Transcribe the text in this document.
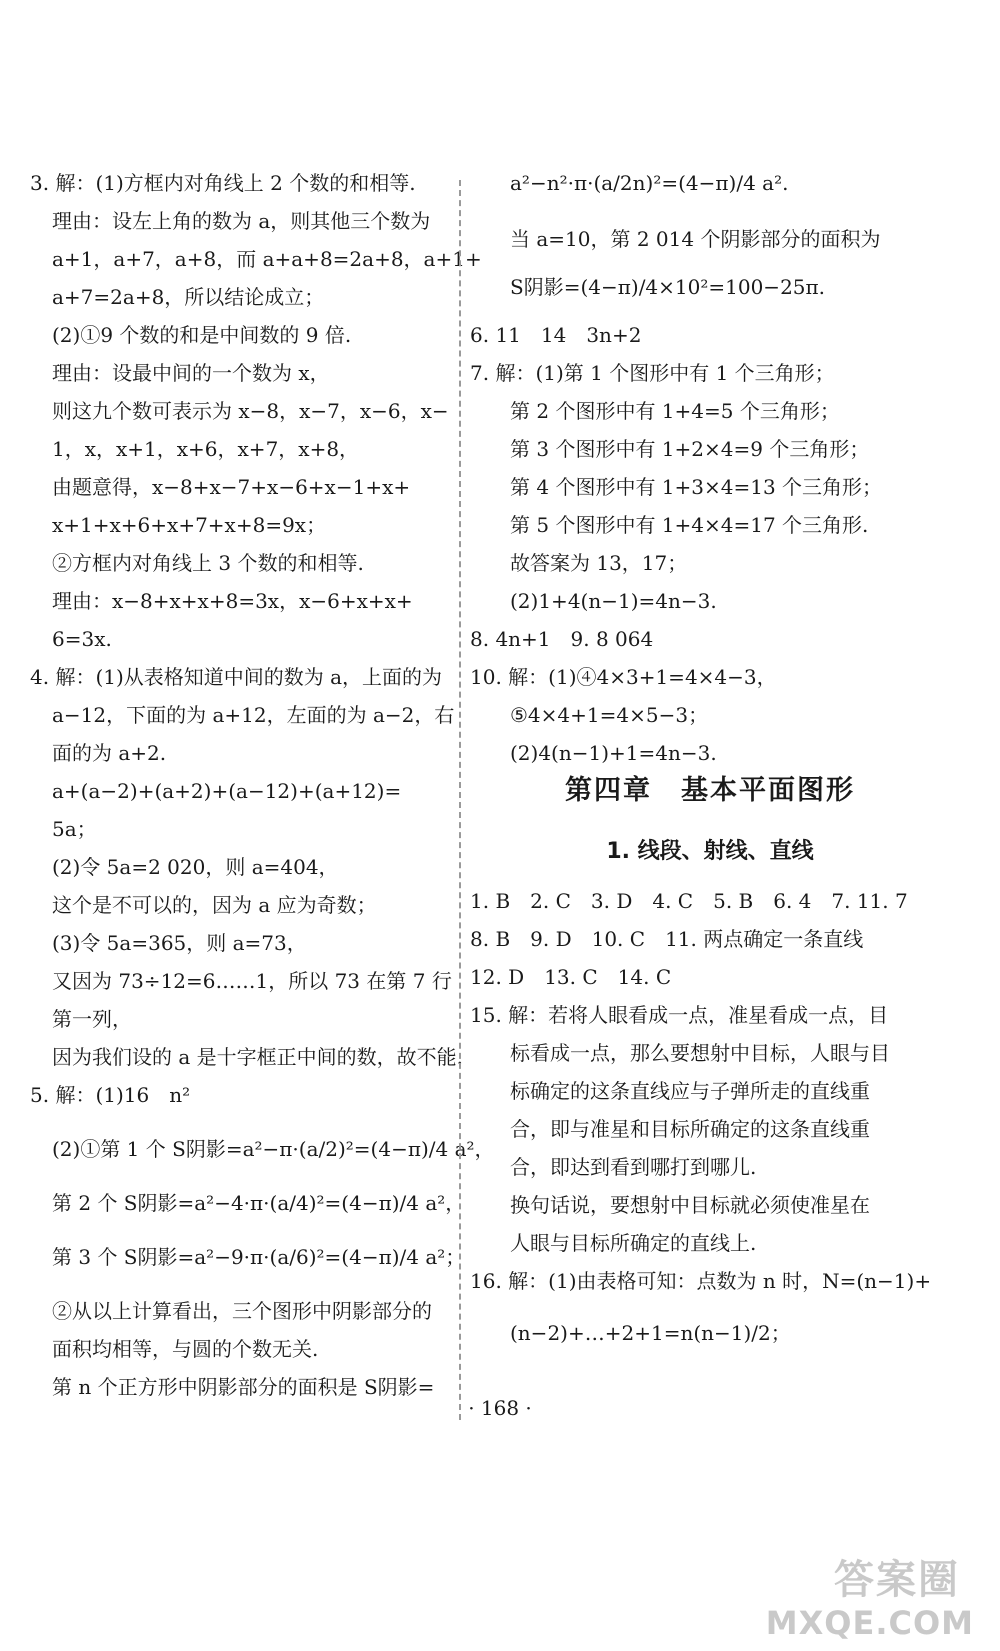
3. 解：(1)方框内对角线上 2 个数的和相等.
理由：设左上角的数为 a，则其他三个数为
a+1，a+7，a+8，而 a+a+8=2a+8，a+1+
a+7=2a+8，所以结论成立；
(2)①9 个数的和是中间数的 9 倍.
理由：设最中间的一个数为 x，
则这九个数可表示为 x−8，x−7，x−6，x−
1，x，x+1，x+6，x+7，x+8，
由题意得，x−8+x−7+x−6+x−1+x+
x+1+x+6+x+7+x+8=9x；
②方框内对角线上 3 个数的和相等.
理由：x−8+x+x+8=3x，x−6+x+x+
6=3x.
4. 解：(1)从表格知道中间的数为 a，上面的为
a−12，下面的为 a+12，左面的为 a−2，右
面的为 a+2.
a+(a−2)+(a+2)+(a−12)+(a+12)=
5a；
(2)令 5a=2 020，则 a=404，
这个是不可以的，因为 a 应为奇数；
(3)令 5a=365，则 a=73，
又因为 73÷12=6……1，所以 73 在第 7 行
第一列，
因为我们设的 a 是十字框正中间的数，故不能.
5. 解：(1)16　n²
(2)①第 1 个 S阴影=a²−π·(a/2)²=(4−π)/4 a²，
第 2 个 S阴影=a²−4·π·(a/4)²=(4−π)/4 a²，
第 3 个 S阴影=a²−9·π·(a/6)²=(4−π)/4 a²；
②从以上计算看出，三个图形中阴影部分的
面积均相等，与圆的个数无关.
第 n 个正方形中阴影部分的面积是 S阴影=
a²−n²·π·(a/2n)²=(4−π)/4 a².
当 a=10，第 2 014 个阴影部分的面积为
S阴影=(4−π)/4×10²=100−25π.
6. 11　14　3n+2
7. 解：(1)第 1 个图形中有 1 个三角形；
第 2 个图形中有 1+4=5 个三角形；
第 3 个图形中有 1+2×4=9 个三角形；
第 4 个图形中有 1+3×4=13 个三角形；
第 5 个图形中有 1+4×4=17 个三角形.
故答案为 13，17；
(2)1+4(n−1)=4n−3.
8. 4n+1　9. 8 064
10. 解：(1)④4×3+1=4×4−3，
⑤4×4+1=4×5−3；
(2)4(n−1)+1=4n−3.
第四章　基本平面图形
1. 线段、射线、直线
1. B　2. C　3. D　4. C　5. B　6. 4　7. 11. 7
8. B　9. D　10. C　11. 两点确定一条直线
12. D　13. C　14. C
15. 解：若将人眼看成一点，准星看成一点，目
标看成一点，那么要想射中目标，人眼与目
标确定的这条直线应与子弹所走的直线重
合，即与准星和目标所确定的这条直线重
合，即达到看到哪打到哪儿.
换句话说，要想射中目标就必须使准星在
人眼与目标所确定的直线上.
16. 解：(1)由表格可知：点数为 n 时，N=(n−1)+
(n−2)+…+2+1=n(n−1)/2；
· 168 ·
答案圈
MXQE.COM
